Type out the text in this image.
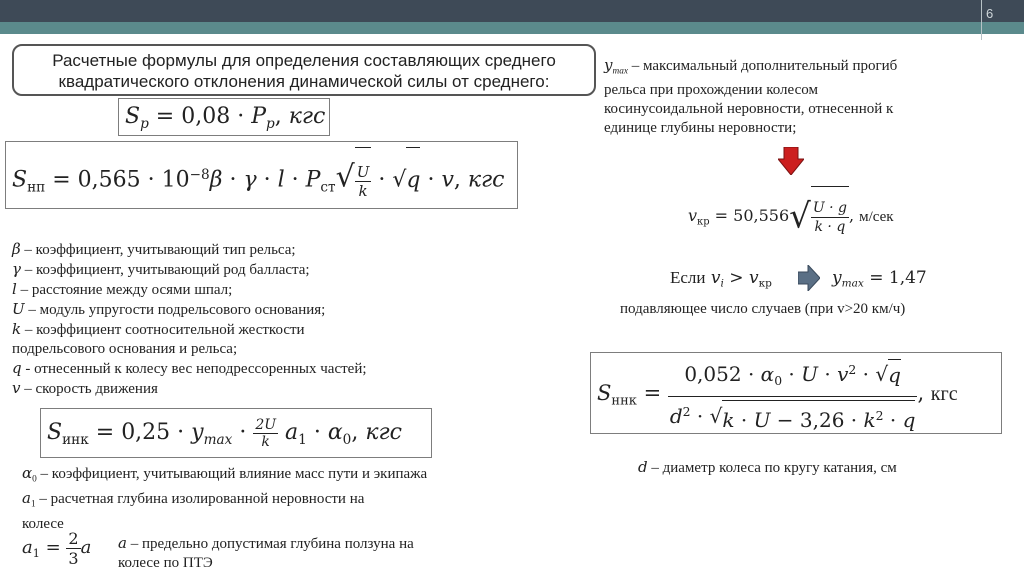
6
Расчетные формулы для определения составляющих среднего квадратического отклонения динамической силы от среднего:
$S_p = 0,08 \cdot P_p$, кгс
$S_{нп} = 0,565 \cdot 10^{-8}\beta \cdot \gamma \cdot l \cdot P_{ст}√ \frac{U}{k} \cdot √q \cdot v$, кгс
β – коэффициент, учитывающий тип рельса;
γ – коэффициент, учитывающий род балласта;
l – расстояние между осями шпал;
U – модуль упругости подрельсового основания;
k – коэффициент соотносительной жесткости
подрельсового основания и рельса;
q - отнесенный к колесу вес неподрессоренных частей;
v – скорость движения
$S_{инк} = 0,25 \cdot y_{max} \cdot \frac{2U}{k} a_1 \cdot \alpha_0$, кгс
$\alpha_0$ – коэффициент, учитывающий влияние масс пути и экипажа
$a_1$ – расчетная глубина изолированной неровности на
колесе
$a_1 = \frac{2}{3}$ a a – предельно допустимая глубина ползуна на
колесе по ПТЭ
$y_{max}$ – максимальный дополнительный прогиб
рельса при прохождении колесом
косинусоидальной неровности, отнесенной к
единице глубины неровности;
$v_{кр} = 50,556√ \frac{U \cdot g}{k \cdot q}$ , м/сек
Если $v_i > v_{кр}$	$y_{max} = 1,47$
подавляющее число случаев (при v>20 км/ч)
$S_{ннк} = \frac{0,052 \cdot \alpha_0 \cdot U \cdot v^2 \cdot √q}{d^2 \cdot √k \cdot U - 3,26 \cdot k^2 \cdot q}$ , кгс
d – диаметр колеса по кругу катания, см
